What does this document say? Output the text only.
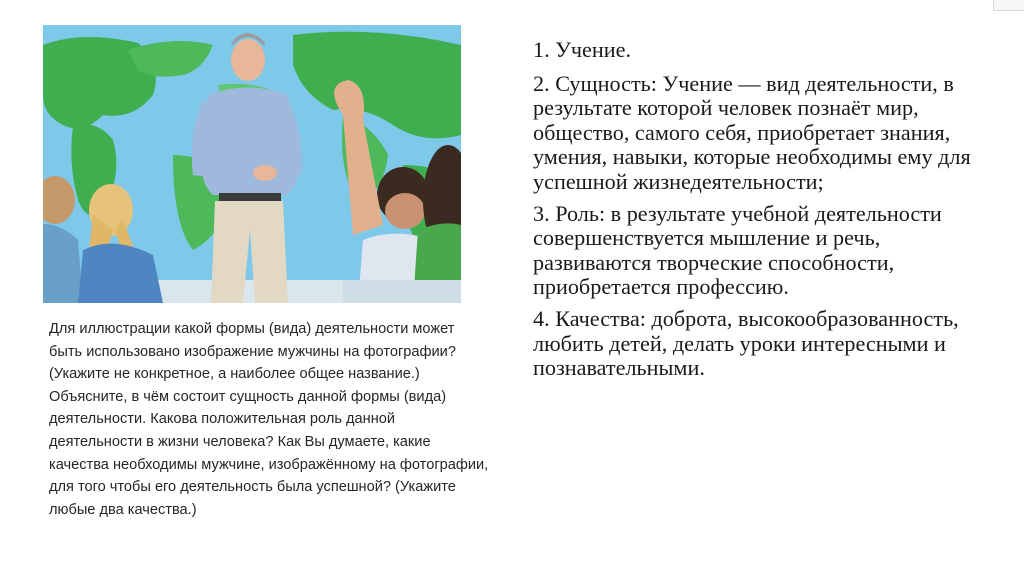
Для иллюстрации какой формы (вида) деятельности может быть использовано изображение мужчины на фотографии? (Укажите не конкретное, а наиболее общее название.) Объясните, в чём состоит сущность данной формы (вида) деятельности. Какова положительная роль данной деятельности в жизни человека? Как Вы думаете, какие качества необходимы мужчине, изображённому на фотографии, для того чтобы его деятельность была успешной? (Укажите любые два качества.)

1. Учение.

2. Сущность: Учение — вид деятельности, в результате которой человек познаёт мир, общество, самого себя, приобретает знания, умения, навыки, которые необходимы ему для успешной жизнедеятельности;

3. Роль: в результате учебной деятельности совершенствуется мышление и речь, развиваются творческие способности, приобретается профессию.

4. Качества: доброта, высокообразованность, любить детей, делать уроки интересными и познавательными.
